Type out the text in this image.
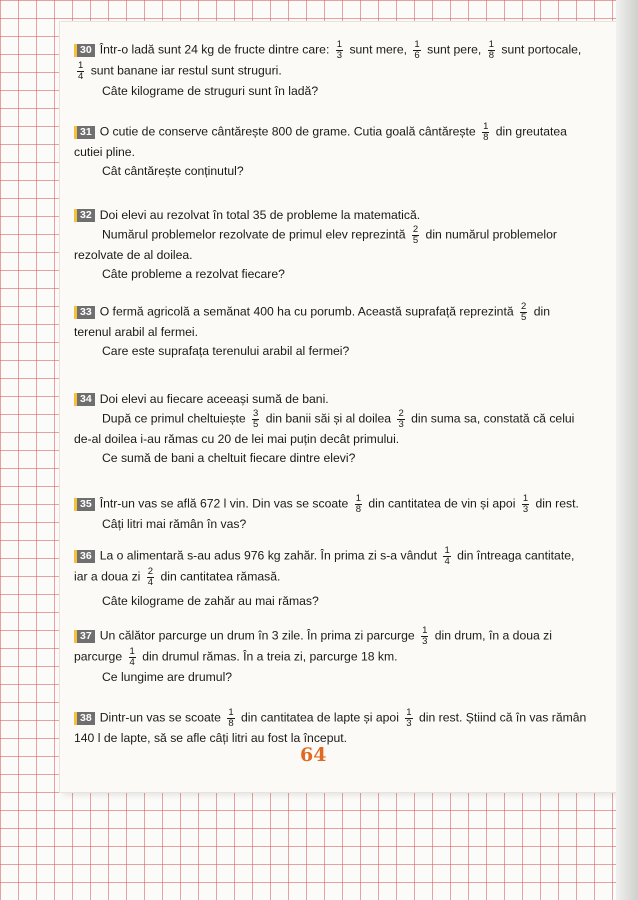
30 Într-o ladă sunt 24 kg de fructe dintre care: $\frac{1}{3}$ sunt mere, $\frac{1}{6}$ sunt pere, $\frac{1}{8}$ sunt portocale,
$\frac{1}{4}$ sunt banane iar restul sunt struguri.
Câte kilograme de struguri sunt în ladă?
31 O cutie de conserve cântărește 800 de grame. Cutia goală cântărește $\frac{1}{8}$ din greutatea
cutiei pline.
Cât cântărește conținutul?
32 Doi elevi au rezolvat în total 35 de probleme la matematică.
Numărul problemelor rezolvate de primul elev reprezintă $\frac{2}{5}$ din numărul problemelor
rezolvate de al doilea.
Câte probleme a rezolvat fiecare?
33 O fermă agricolă a semănat 400 ha cu porumb. Această suprafață reprezintă $\frac{2}{5}$ din
terenul arabil al fermei.
Care este suprafața terenului arabil al fermei?
34 Doi elevi au fiecare aceeași sumă de bani.
După ce primul cheltuiește $\frac{3}{5}$ din banii săi și al doilea $\frac{2}{3}$ din suma sa, constată că celui
de-al doilea i-au rămas cu 20 de lei mai puțin decât primului.
Ce sumă de bani a cheltuit fiecare dintre elevi?
35 Într-un vas se află 672 l vin. Din vas se scoate $\frac{1}{8}$ din cantitatea de vin și apoi $\frac{1}{3}$ din rest.
Câți litri mai rămân în vas?
36 La o alimentară s-au adus 976 kg zahăr. În prima zi s-a vândut $\frac{1}{4}$ din întreaga cantitate,
iar a doua zi $\frac{2}{4}$ din cantitatea rămasă.
Câte kilograme de zahăr au mai rămas?
37 Un călător parcurge un drum în 3 zile. În prima zi parcurge $\frac{1}{3}$ din drum, în a doua zi
parcurge $\frac{1}{4}$ din drumul rămas. În a treia zi, parcurge 18 km.
Ce lungime are drumul?
38 Dintr-un vas se scoate $\frac{1}{8}$ din cantitatea de lapte și apoi $\frac{1}{3}$ din rest. Știind că în vas rămân
140 l de lapte, să se afle câți litri au fost la început.
64
